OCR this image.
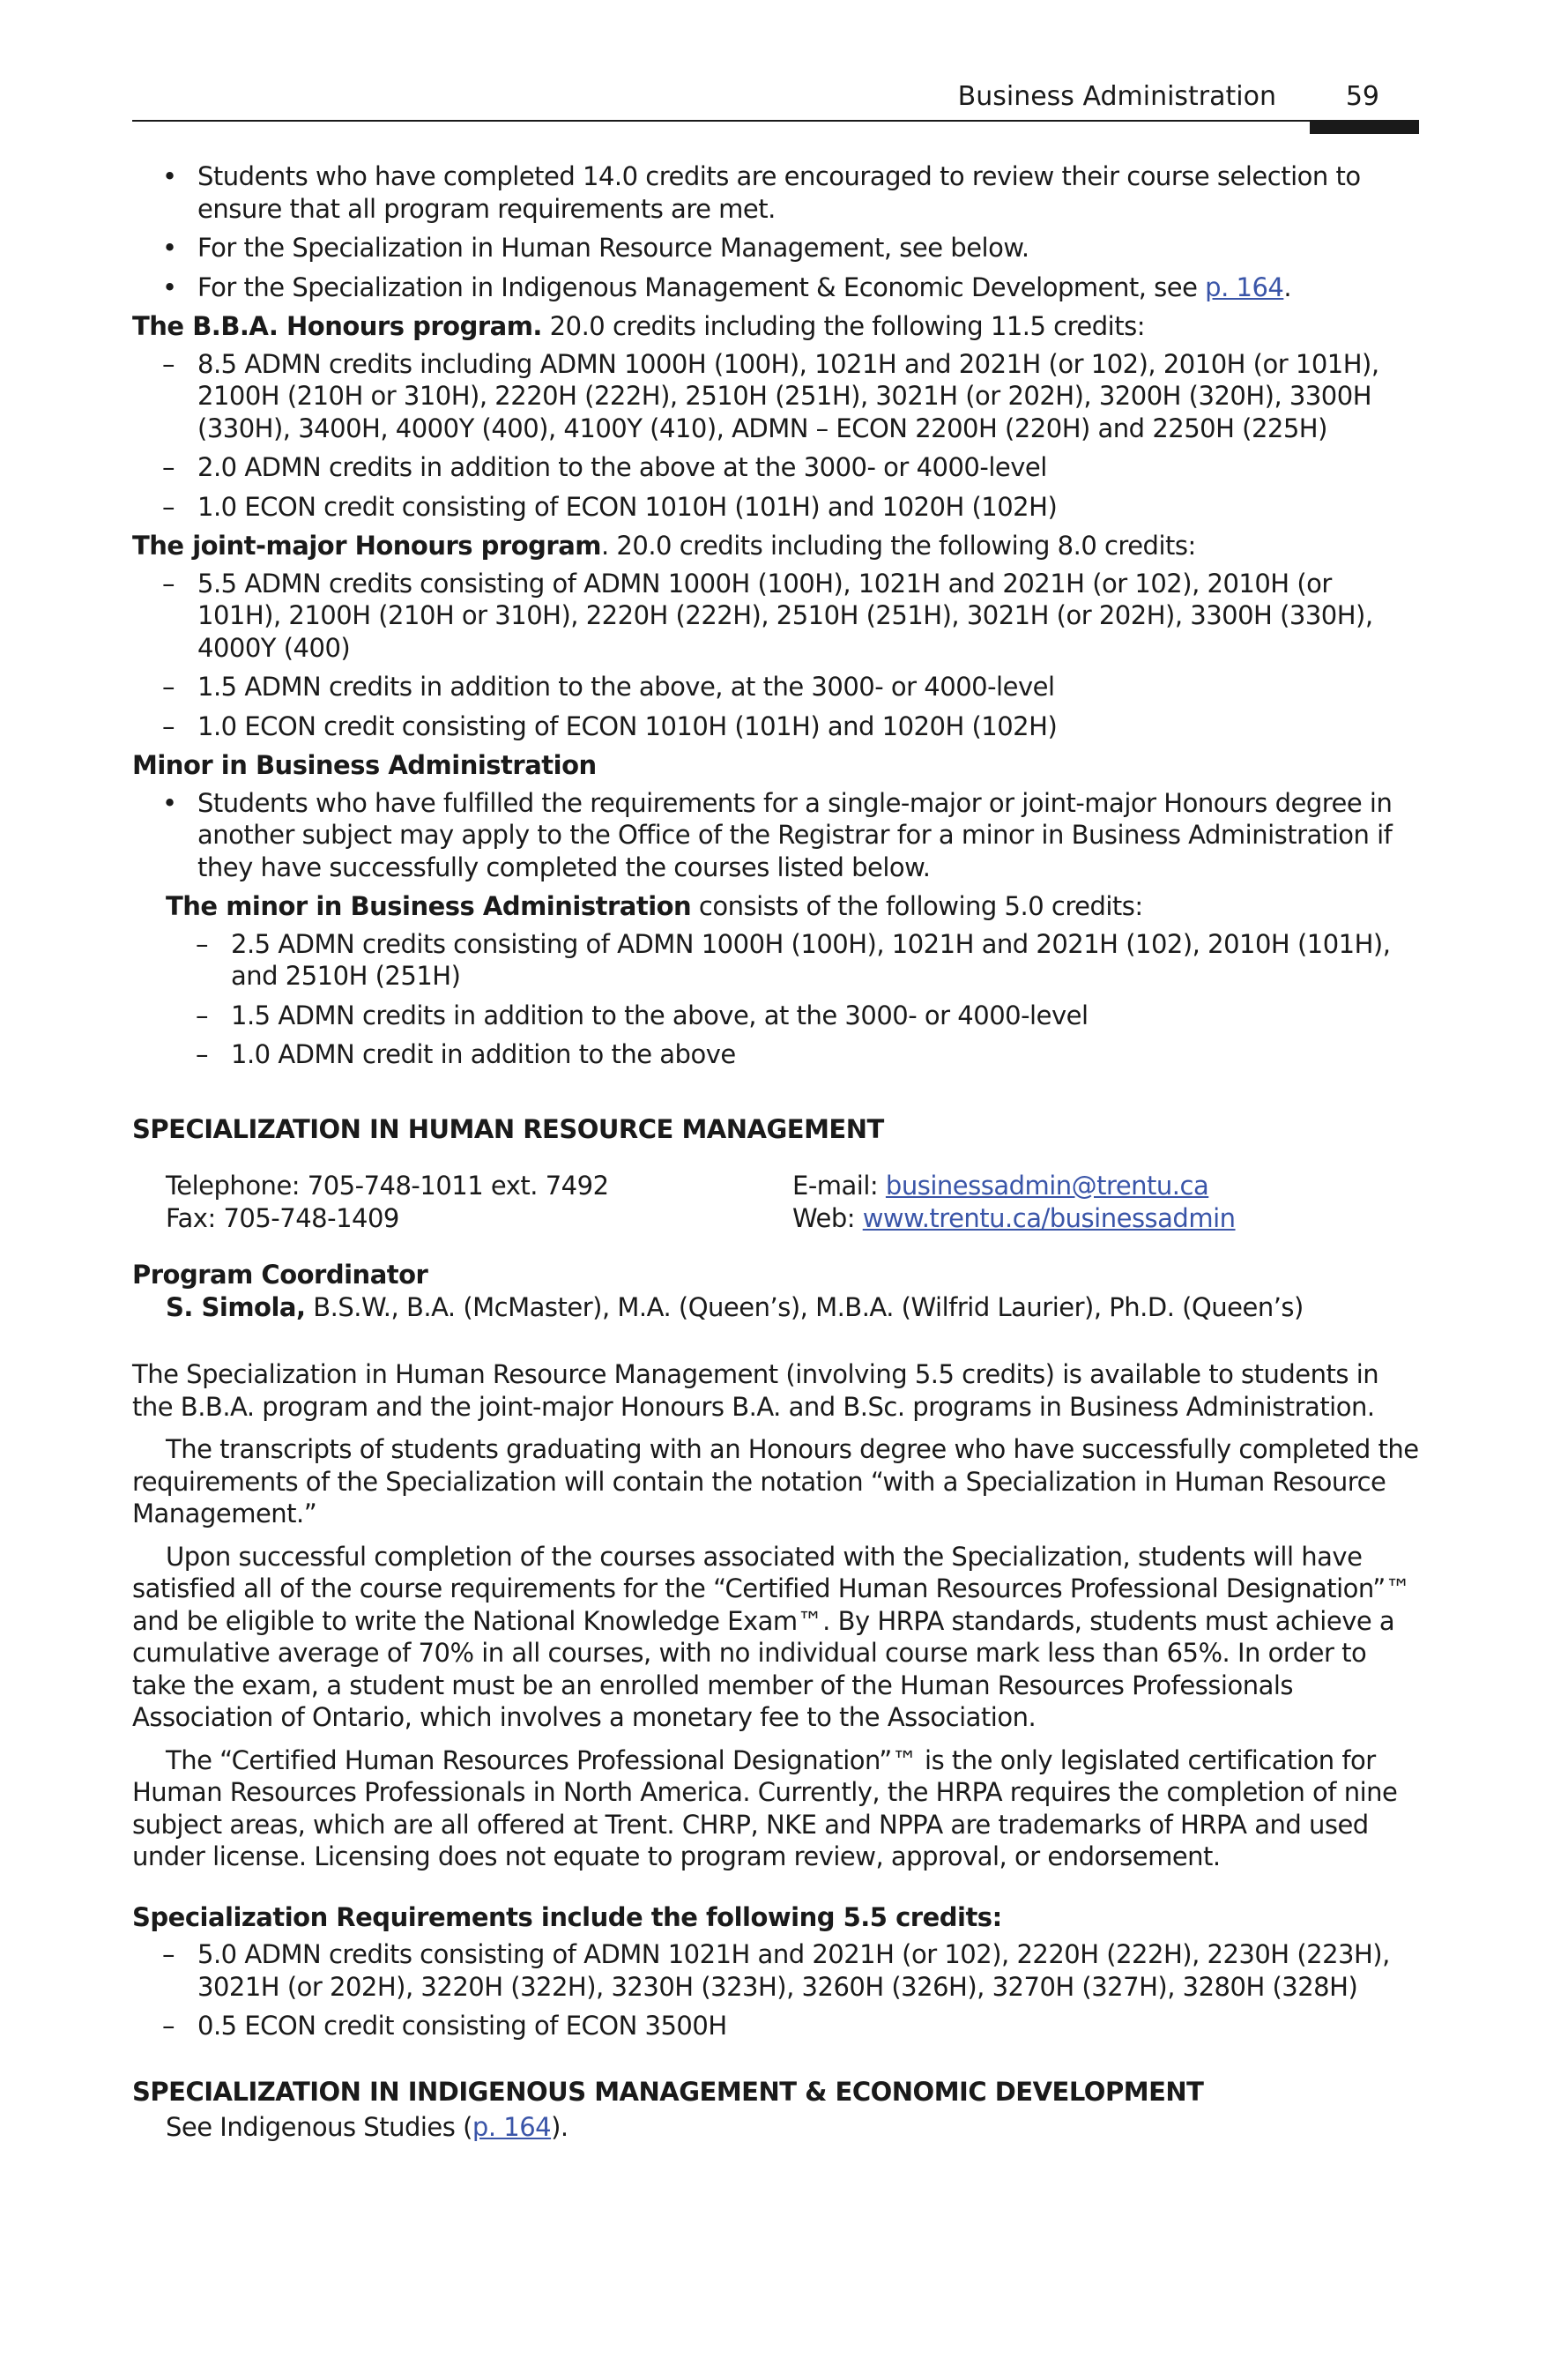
Business Administration	59
• Students who have completed 14.0 credits are encouraged to review their course selection to ensure that all program requirements are met.
• For the Specialization in Human Resource Management, see below.
• For the Specialization in Indigenous Management & Economic Development, see p. 164.

The B.B.A. Honours program. 20.0 credits including the following 11.5 credits:

– 8.5 ADMN credits including ADMN 1000H (100H), 1021H and 2021H (or 102), 2010H (or 101H), 2100H (210H or 310H), 2220H (222H), 2510H (251H), 3021H (or 202H), 3200H (320H), 3300H (330H), 3400H, 4000Y (400), 4100Y (410), ADMN – ECON 2200H (220H) and 2250H (225H)
– 2.0 ADMN credits in addition to the above at the 3000- or 4000-level
– 1.0 ECON credit consisting of ECON 1010H (101H) and 1020H (102H)

The joint-major Honours program. 20.0 credits including the following 8.0 credits:

– 5.5 ADMN credits consisting of ADMN 1000H (100H), 1021H and 2021H (or 102), 2010H (or 101H), 2100H (210H or 310H), 2220H (222H), 2510H (251H), 3021H (or 202H), 3300H (330H), 4000Y (400)
– 1.5 ADMN credits in addition to the above, at the 3000- or 4000-level
– 1.0 ECON credit consisting of ECON 1010H (101H) and 1020H (102H)

Minor in Business Administration

• Students who have fulfilled the requirements for a single-major or joint-major Honours degree in another subject may apply to the Office of the Registrar for a minor in Business Administration if they have successfully completed the courses listed below.

The minor in Business Administration consists of the following 5.0 credits:

– 2.5 ADMN credits consisting of ADMN 1000H (100H), 1021H and 2021H (102), 2010H (101H), and 2510H (251H)
– 1.5 ADMN credits in addition to the above, at the 3000- or 4000-level
– 1.0 ADMN credit in addition to the above

SPECIALIZATION IN HUMAN RESOURCE MANAGEMENT

Telephone: 705-748-1011 ext. 7492
Fax: 705-748-1409
E-mail: businessadmin@trentu.ca
Web: www.trentu.ca/businessadmin

Program Coordinator

S. Simola, B.S.W., B.A. (McMaster), M.A. (Queen’s), M.B.A. (Wilfrid Laurier), Ph.D. (Queen’s)

The Specialization in Human Resource Management (involving 5.5 credits) is available to students in the B.B.A. program and the joint-major Honours B.A. and B.Sc. programs in Business Administration.

The transcripts of students graduating with an Honours degree who have successfully completed the requirements of the Specialization will contain the notation “with a Specialization in Human Resource Management.”

Upon successful completion of the courses associated with the Specialization, students will have satisfied all of the course requirements for the “Certified Human Resources Professional Designation”™ and be eligible to write the National Knowledge Exam™. By HRPA standards, students must achieve a cumulative average of 70% in all courses, with no individual course mark less than 65%. In order to take the exam, a student must be an enrolled member of the Human Resources Professionals Association of Ontario, which involves a monetary fee to the Association.

The “Certified Human Resources Professional Designation”™ is the only legislated certification for Human Resources Professionals in North America. Currently, the HRPA requires the completion of nine subject areas, which are all offered at Trent. CHRP, NKE and NPPA are trademarks of HRPA and used under license. Licensing does not equate to program review, approval, or endorsement.

Specialization Requirements include the following 5.5 credits:

– 5.0 ADMN credits consisting of ADMN 1021H and 2021H (or 102), 2220H (222H), 2230H (223H), 3021H (or 202H), 3220H (322H), 3230H (323H), 3260H (326H), 3270H (327H), 3280H (328H)
– 0.5 ECON credit consisting of ECON 3500H

SPECIALIZATION IN INDIGENOUS MANAGEMENT & ECONOMIC DEVELOPMENT

See Indigenous Studies (p. 164).
